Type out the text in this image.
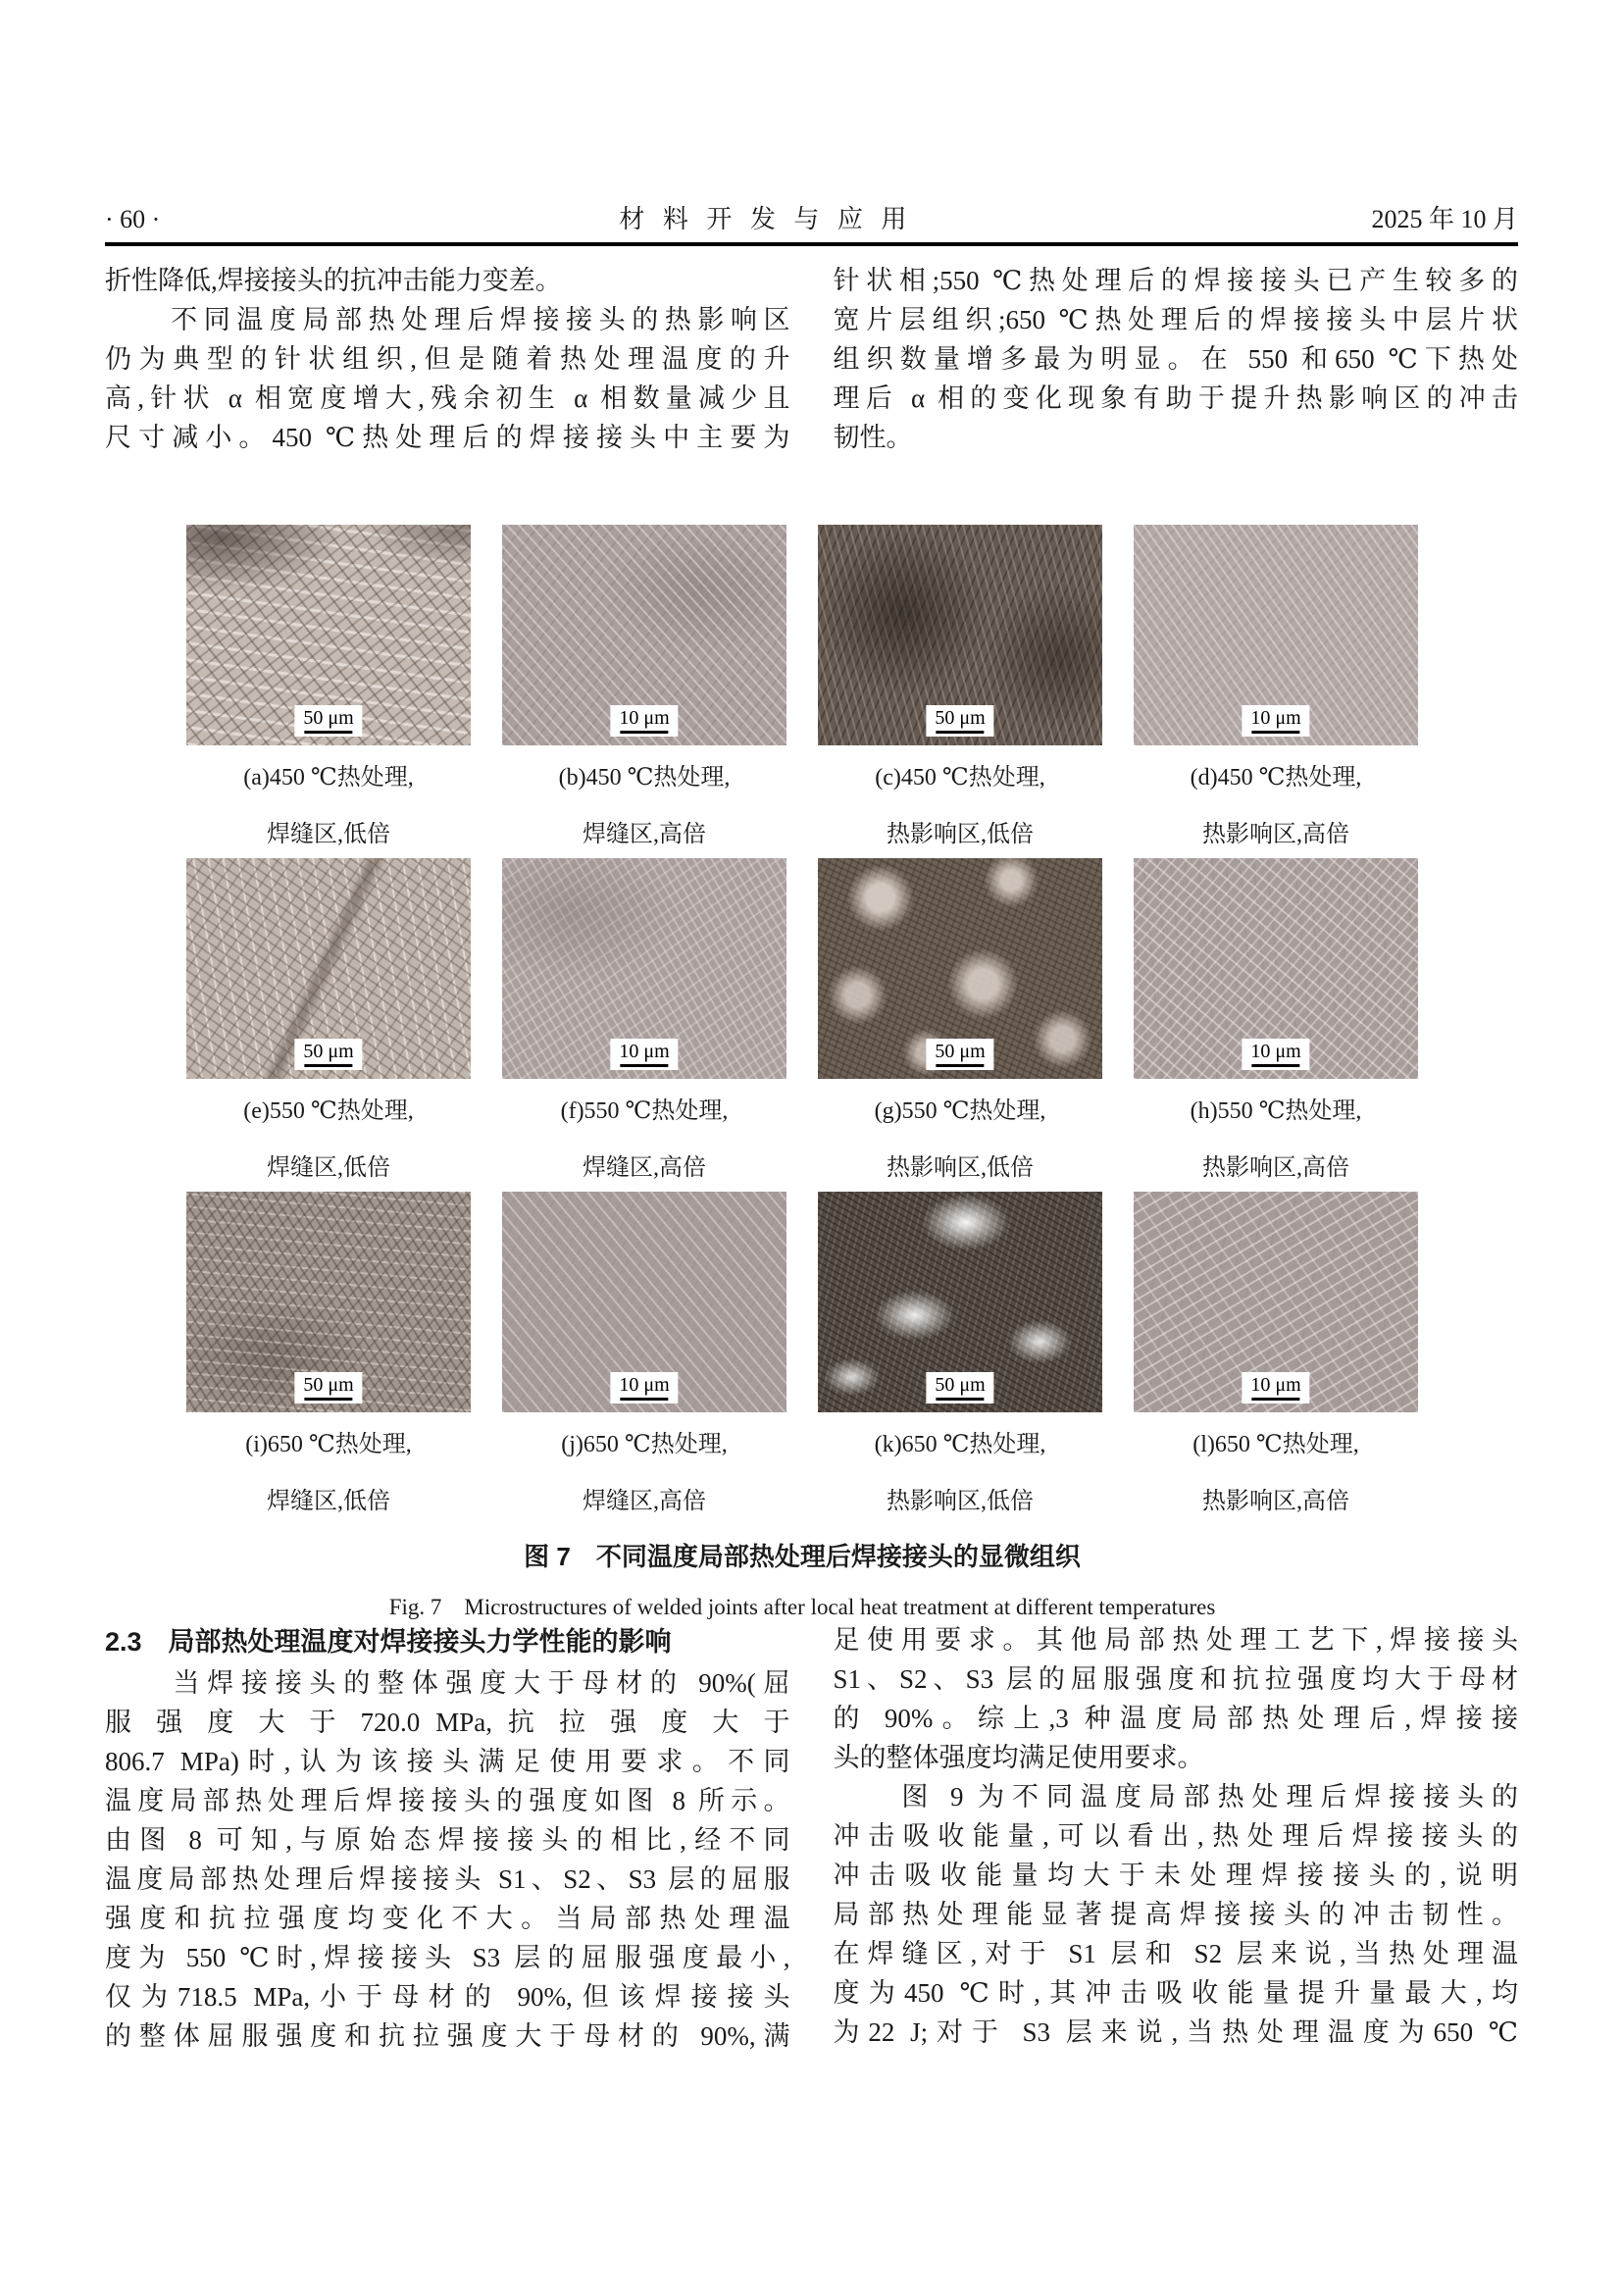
· 60 ·	材 料 开 发 与 应 用	2025 年 10 月
折性降低,焊接接头的抗冲击能力变差。
　　不同温度局部热处理后焊接接头的热影响区
仍为典型的针状组织,但是随着热处理温度的升
高,针状 α 相宽度增大,残余初生 α 相数量减少且
尺寸减小。450 ℃热处理后的焊接接头中主要为
针状相;550 ℃热处理后的焊接接头已产生较多的
宽片层组织;650 ℃热处理后的焊接接头中层片状
组织数量增多最为明显。在 550 和650 ℃下热处
理后 α 相的变化现象有助于提升热影响区的冲击
韧性。
50 μm	10 μm	50 μm	10 μm
(a)450 ℃热处理,
焊缝区,低倍
(b)450 ℃热处理,
焊缝区,高倍
(c)450 ℃热处理,
热影响区,低倍
(d)450 ℃热处理,
热影响区,高倍
50 μm	10 μm	50 μm	10 μm
(e)550 ℃热处理,
焊缝区,低倍
(f)550 ℃热处理,
焊缝区,高倍
(g)550 ℃热处理,
热影响区,低倍
(h)550 ℃热处理,
热影响区,高倍
50 μm	10 μm	50 μm	10 μm
(i)650 ℃热处理,
焊缝区,低倍
(j)650 ℃热处理,
焊缝区,高倍
(k)650 ℃热处理,
热影响区,低倍
(l)650 ℃热处理,
热影响区,高倍
图 7　不同温度局部热处理后焊接接头的显微组织
Fig. 7　Microstructures of welded joints after local heat treatment at different temperatures
2.3　局部热处理温度对焊接接头力学性能的影响
　　当焊接接头的整体强度大于母材的 90%(屈
服 强 度 大 于 720.0 MPa, 抗 拉 强 度 大 于
806.7 MPa)时,认为该接头满足使用要求。不同
温度局部热处理后焊接接头的强度如图 8 所示。
由图 8 可知,与原始态焊接接头的相比,经不同
温度局部热处理后焊接接头 S1、S2、S3 层的屈服
强度和抗拉强度均变化不大。当局部热处理温
度为 550 ℃时,焊接接头 S3 层的屈服强度最小,
仅为718.5 MPa,小于母材的 90%,但该焊接接头
的整体屈服强度和抗拉强度大于母材的 90%,满
足使用要求。其他局部热处理工艺下,焊接接头
S1、S2、S3 层的屈服强度和抗拉强度均大于母材
的 90%。综上,3 种温度局部热处理后,焊接接
头的整体强度均满足使用要求。
　　图 9 为不同温度局部热处理后焊接接头的
冲击吸收能量,可以看出,热处理后焊接接头的
冲击吸收能量均大于未处理焊接接头的,说明
局部热处理能显著提高焊接接头的冲击韧性。
在焊缝区,对于 S1 层和 S2 层来说,当热处理温
度为450 ℃时,其冲击吸收能量提升量最大,均
为22 J;对于 S3 层来说,当热处理温度为650 ℃
